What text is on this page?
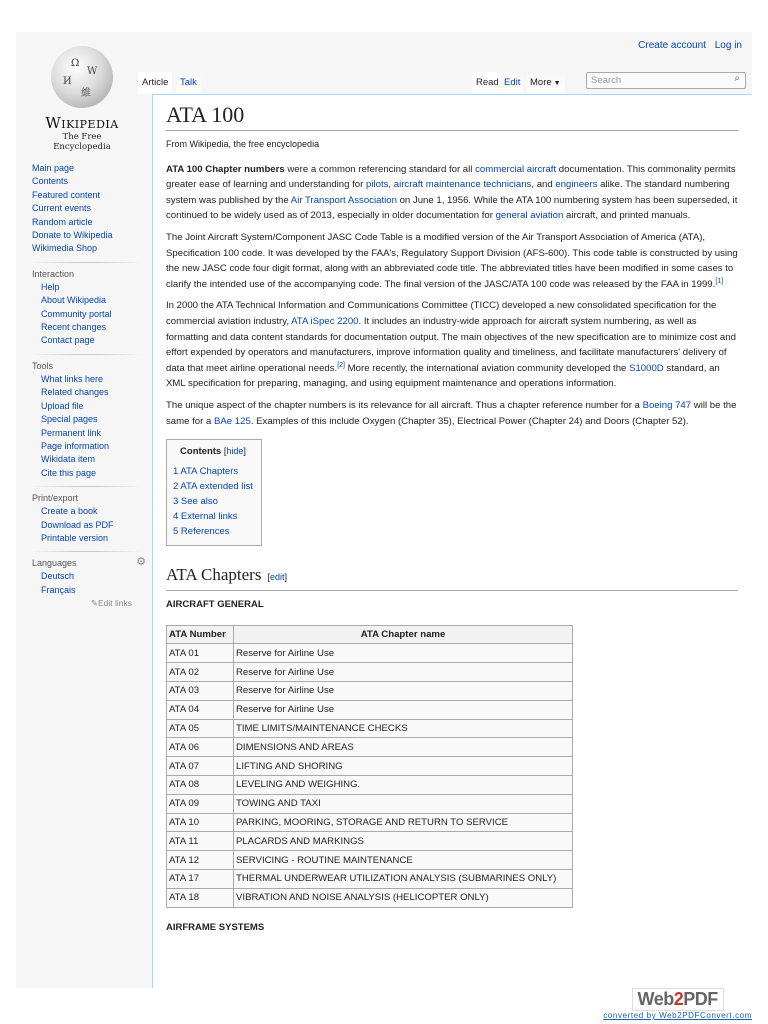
Ω
W
И
維
Wikipedia
The Free Encyclopedia
Create account Log in
Article	Talk	Read Edit	More ▼	Search	⌕
Main page
Contents
Featured content
Current events
Random article
Donate to Wikipedia
Wikimedia Shop
Interaction
Help
About Wikipedia
Community portal
Recent changes
Contact page
Tools
What links here
Related changes
Upload file
Special pages
Permanent link
Page information
Wikidata item
Cite this page
Print/export
Create a book
Download as PDF
Printable version
Languages	⚙
Deutsch
Français
✎Edit links
ATA 100
From Wikipedia, the free encyclopedia

ATA 100 Chapter numbers were a common referencing standard for all commercial aircraft documentation. This commonality permits greater ease of learning and understanding for pilots, aircraft maintenance technicians, and engineers alike. The standard numbering system was published by the Air Transport Association on June 1, 1956. While the ATA 100 numbering system has been superseded, it continued to be widely used as of 2013, especially in older documentation for general aviation aircraft, and printed manuals.

The Joint Aircraft System/Component JASC Code Table is a modified version of the Air Transport Association of America (ATA), Specification 100 code. It was developed by the FAA's, Regulatory Support Division (AFS-600). This code table is constructed by using the new JASC code four digit format, along with an abbreviated code title. The abbreviated titles have been modified in some cases to clarify the intended use of the accompanying code. The final version of the JASC/ATA 100 code was released by the FAA in 1999.[1]

In 2000 the ATA Technical Information and Communications Committee (TICC) developed a new consolidated specification for the commercial aviation industry, ATA iSpec 2200. It includes an industry-wide approach for aircraft system numbering, as well as formatting and data content standards for documentation output. The main objectives of the new specification are to minimize cost and effort expended by operators and manufacturers, improve information quality and timeliness, and facilitate manufacturers' delivery of data that meet airline operational needs.[2] More recently, the international aviation community developed the S1000D standard, an XML specification for preparing, managing, and using equipment maintenance and operations information.

The unique aspect of the chapter numbers is its relevance for all aircraft. Thus a chapter reference number for a Boeing 747 will be the same for a BAe 125. Examples of this include Oxygen (Chapter 35), Electrical Power (Chapter 24) and Doors (Chapter 52).

Contents [hide]
1 ATA Chapters
2 ATA extended list
3 See also
4 External links
5 References
ATA Chapters [edit]
AIRCRAFT GENERAL
ATA Number	ATA Chapter name
ATA 01	Reserve for Airline Use
ATA 02	Reserve for Airline Use
ATA 03	Reserve for Airline Use
ATA 04	Reserve for Airline Use
ATA 05	TIME LIMITS/MAINTENANCE CHECKS
ATA 06	DIMENSIONS AND AREAS
ATA 07	LIFTING AND SHORING
ATA 08	LEVELING AND WEIGHING.
ATA 09	TOWING AND TAXI
ATA 10	PARKING, MOORING, STORAGE AND RETURN TO SERVICE
ATA 11	PLACARDS AND MARKINGS
ATA 12	SERVICING - ROUTINE MAINTENANCE
ATA 17	THERMAL UNDERWEAR UTILIZATION ANALYSIS (SUBMARINES ONLY)
ATA 18	VIBRATION AND NOISE ANALYSIS (HELICOPTER ONLY)
AIRFRAME SYSTEMS
Web2PDF
converted by Web2PDFConvert.com
